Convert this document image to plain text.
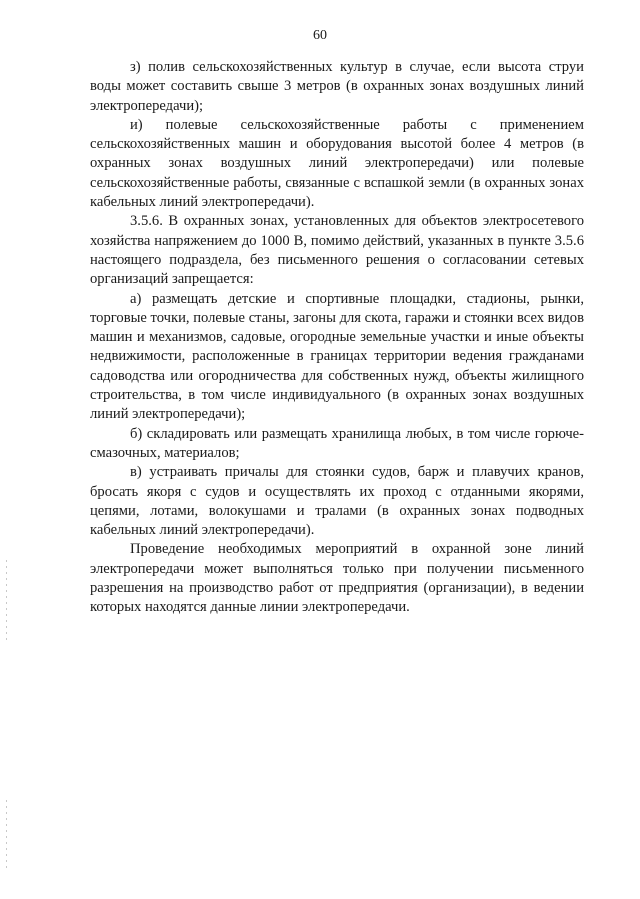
60

з) полив сельскохозяйственных культур в случае, если высота струи воды может составить свыше 3 метров (в охранных зонах воздушных линий электропередачи);

и) полевые сельскохозяйственные работы с применением сельскохозяйственных машин и оборудования высотой более 4 метров (в охранных зонах воздушных линий электропередачи) или полевые сельскохозяйственные работы, связанные с вспашкой земли (в охранных зонах кабельных линий электропередачи).

3.5.6. В охранных зонах, установленных для объектов электросетевого хозяйства напряжением до 1000 В, помимо действий, указанных в пункте 3.5.6 настоящего подраздела, без письменного решения о согласовании сетевых организаций запрещается:

а) размещать детские и спортивные площадки, стадионы, рынки, торговые точки, полевые станы, загоны для скота, гаражи и стоянки всех видов машин и механизмов, садовые, огородные земельные участки и иные объекты недвижимости, расположенные в границах территории ведения гражданами садоводства или огородничества для собственных нужд, объекты жилищного строительства, в том числе индивидуального (в охранных зонах воздушных линий электропередачи);

б) складировать или размещать хранилища любых, в том числе горюче-смазочных, материалов;

в) устраивать причалы для стоянки судов, барж и плавучих кранов, бросать якоря с судов и осуществлять их проход с отданными якорями, цепями, лотами, волокушами и тралами (в охранных зонах подводных кабельных линий электропередачи).

Проведение необходимых мероприятий в охранной зоне линий электропередачи может выполняться только при получении письменного разрешения на производство работ от предприятия (организации), в ведении которых находятся данные линии электропередачи.
